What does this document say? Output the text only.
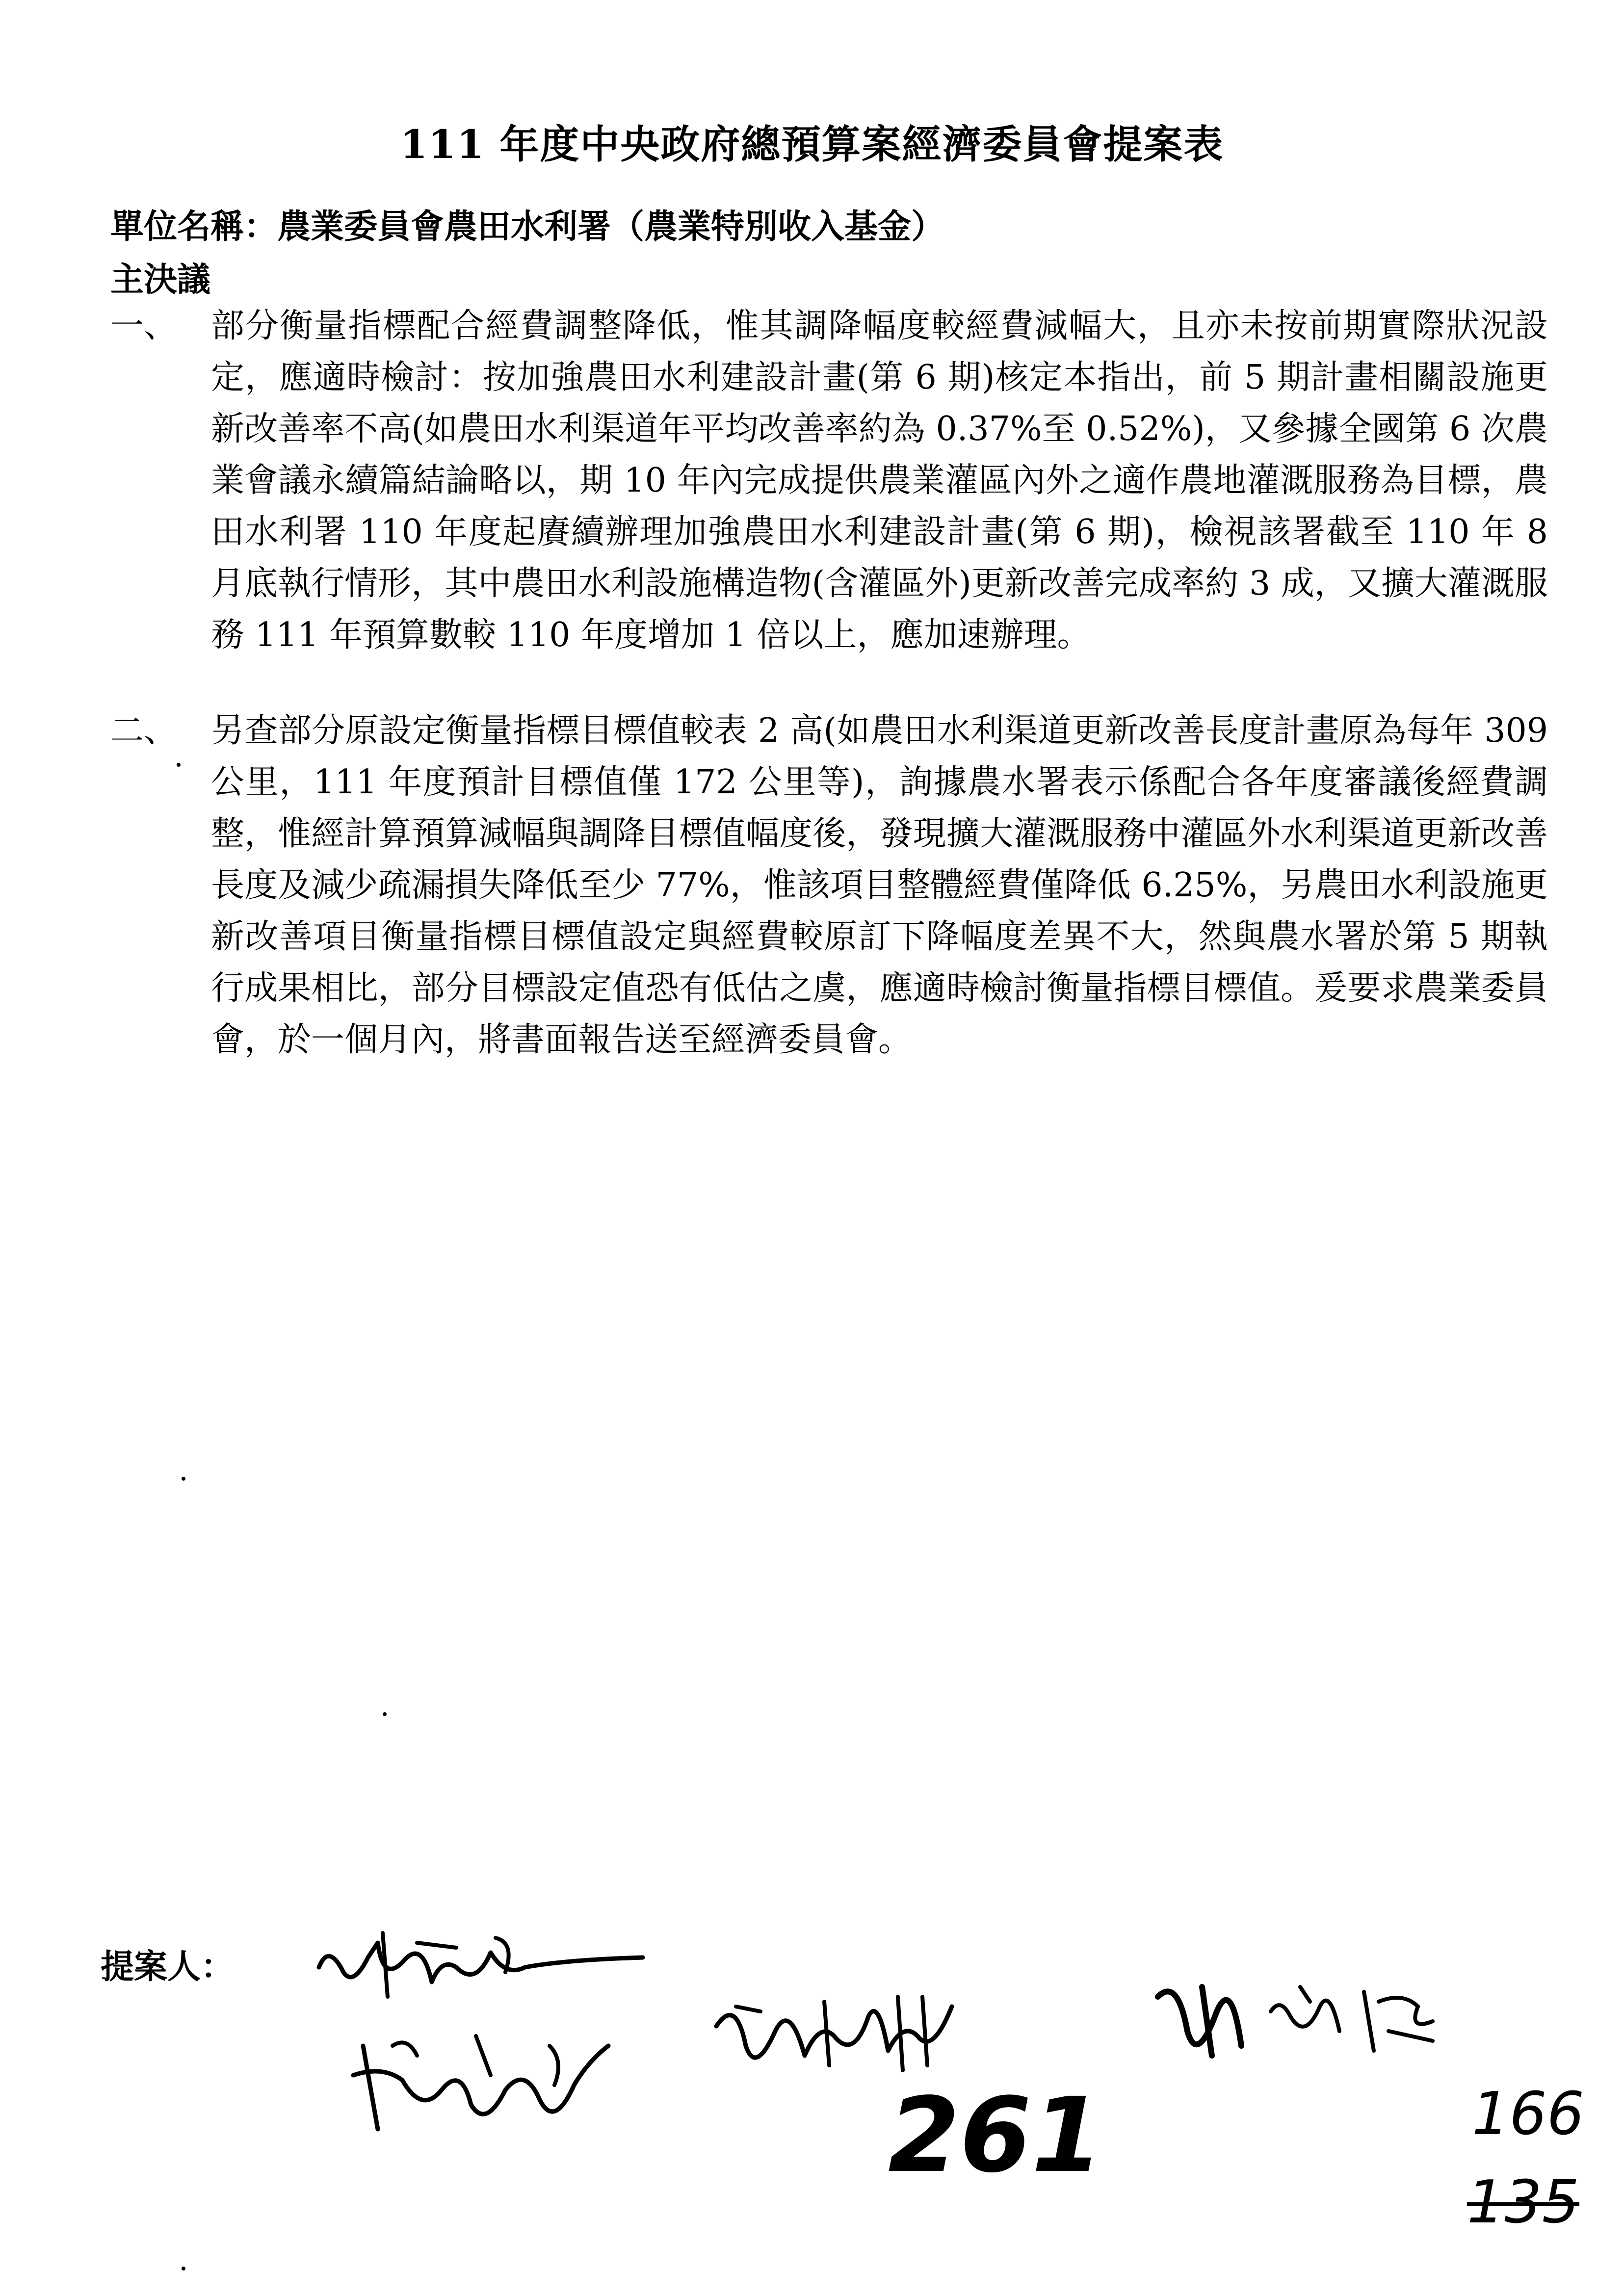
111 年度中央政府總預算案經濟委員會提案表

單位名稱：農業委員會農田水利署（農業特別收入基金）

主決議

一、 部分衡量指標配合經費調整降低，惟其調降幅度較經費減幅大，且亦未按前期實際狀況設定，應適時檢討：按加強農田水利建設計畫(第 6 期)核定本指出，前 5 期計畫相關設施更新改善率不高(如農田水利渠道年平均改善率約為 0.37%至 0.52%)，又參據全國第 6 次農業會議永續篇結論略以，期 10 年內完成提供農業灌區內外之適作農地灌溉服務為目標，農田水利署 110 年度起賡續辦理加強農田水利建設計畫(第 6 期)，檢視該署截至 110 年 8 月底執行情形，其中農田水利設施構造物(含灌區外)更新改善完成率約 3 成，又擴大灌溉服務 111 年預算數較 110 年度增加 1 倍以上，應加速辦理。

二、 另查部分原設定衡量指標目標值較表 2 高(如農田水利渠道更新改善長度計畫原為每年 309 公里，111 年度預計目標值僅 172 公里等)，詢據農水署表示係配合各年度審議後經費調整，惟經計算預算減幅與調降目標值幅度後，發現擴大灌溉服務中灌區外水利渠道更新改善長度及減少疏漏損失降低至少 77%，惟該項目整體經費僅降低 6.25%，另農田水利設施更新改善項目衡量指標目標值設定與經費較原訂下降幅度差異不大，然與農水署於第 5 期執行成果相比，部分目標設定值恐有低估之虞，應適時檢討衡量指標目標值。爰要求農業委員會，於一個月內，將書面報告送至經濟委員會。

提案人：

261	166
135
